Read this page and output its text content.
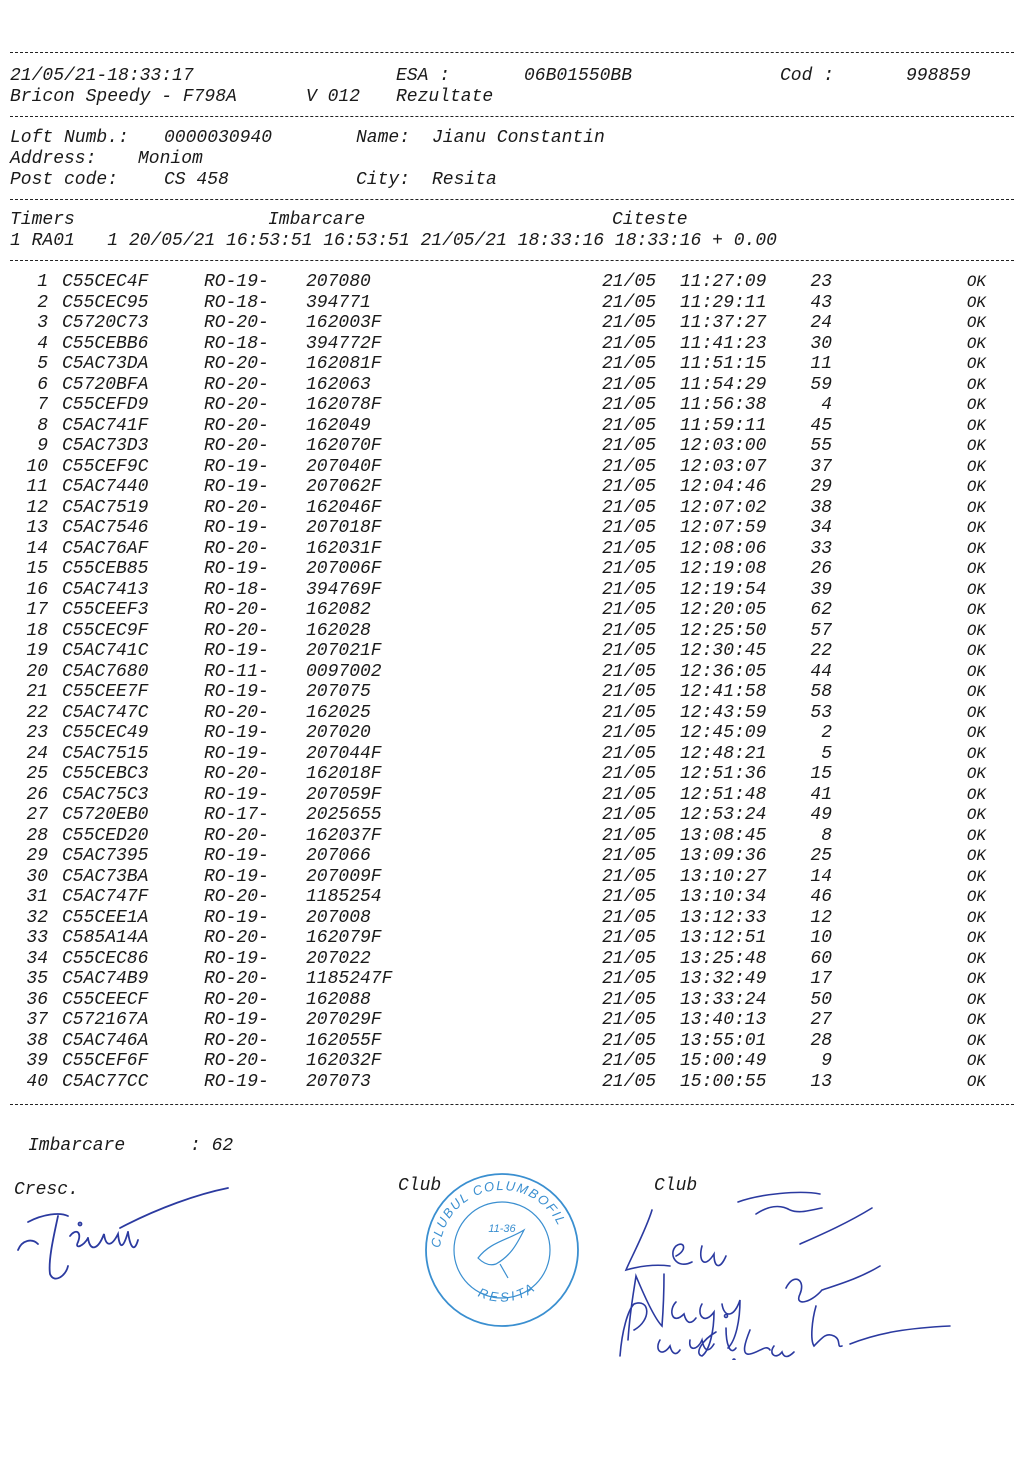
21/05/21-18:33:17	ESA :	06B01550BB	Cod :	998859
Bricon Speedy - F798A	V 012 Rezultate
Loft Numb.: 0000030940	Name: Jianu Constantin
Address: Moniom
Post code:	CS 458	City: Resita
Timers	Imbarcare	Citeste
1 RA01   1 20/05/21 16:53:51 16:53:51 21/05/21 18:33:16 18:33:16 + 0.00
1 C55CEC4F	RO-19- 207080	21/05 11:27:09	23	OK
2 C55CEC95	RO-18- 394771	21/05 11:29:11	43	OK
3 C5720C73	RO-20- 162003F	21/05 11:37:27	24	OK
4 C55CEBB6	RO-18- 394772F	21/05 11:41:23	30	OK
5 C5AC73DA	RO-20- 162081F	21/05 11:51:15	11	OK
6 C5720BFA	RO-20- 162063	21/05 11:54:29	59	OK
7 C55CEFD9	RO-20- 162078F	21/05 11:56:38	4	OK
8 C5AC741F	RO-20- 162049	21/05 11:59:11	45	OK
9 C5AC73D3	RO-20- 162070F	21/05 12:03:00	55	OK
10 C55CEF9C	RO-19- 207040F	21/05 12:03:07	37	OK
11 C5AC7440	RO-19- 207062F	21/05 12:04:46	29	OK
12 C5AC7519	RO-20- 162046F	21/05 12:07:02	38	OK
13 C5AC7546	RO-19- 207018F	21/05 12:07:59	34	OK
14 C5AC76AF	RO-20- 162031F	21/05 12:08:06	33	OK
15 C55CEB85	RO-19- 207006F	21/05 12:19:08	26	OK
16 C5AC7413	RO-18- 394769F	21/05 12:19:54	39	OK
17 C55CEEF3	RO-20- 162082	21/05 12:20:05	62	OK
18 C55CEC9F	RO-20- 162028	21/05 12:25:50	57	OK
19 C5AC741C	RO-19- 207021F	21/05 12:30:45	22	OK
20 C5AC7680	RO-11- 0097002	21/05 12:36:05	44	OK
21 C55CEE7F	RO-19- 207075	21/05 12:41:58	58	OK
22 C5AC747C	RO-20- 162025	21/05 12:43:59	53	OK
23 C55CEC49	RO-19- 207020	21/05 12:45:09	2	OK
24 C5AC7515	RO-19- 207044F	21/05 12:48:21	5	OK
25 C55CEBC3	RO-20- 162018F	21/05 12:51:36	15	OK
26 C5AC75C3	RO-19- 207059F	21/05 12:51:48	41	OK
27 C5720EB0	RO-17- 2025655	21/05 12:53:24	49	OK
28 C55CED20	RO-20- 162037F	21/05 13:08:45	8	OK
29 C5AC7395	RO-19- 207066	21/05 13:09:36	25	OK
30 C5AC73BA	RO-19- 207009F	21/05 13:10:27	14	OK
31 C5AC747F	RO-20- 1185254	21/05 13:10:34	46	OK
32 C55CEE1A	RO-19- 207008	21/05 13:12:33	12	OK
33 C585A14A	RO-20- 162079F	21/05 13:12:51	10	OK
34 C55CEC86	RO-19- 207022	21/05 13:25:48	60	OK
35 C5AC74B9	RO-20- 1185247F	21/05 13:32:49	17	OK
36 C55CEECF	RO-20- 162088	21/05 13:33:24	50	OK
37 C572167A	RO-19- 207029F	21/05 13:40:13	27	OK
38 C5AC746A	RO-20- 162055F	21/05 13:55:01	28	OK
39 C55CEF6F	RO-20- 162032F	21/05 15:00:49	9	OK
40 C5AC77CC	RO-19- 207073	21/05 15:00:55	13	OK
Imbarcare	: 62
Cresc.	Club	Club
CLUBUL COLUMBOFIL
RESITA
11-36
